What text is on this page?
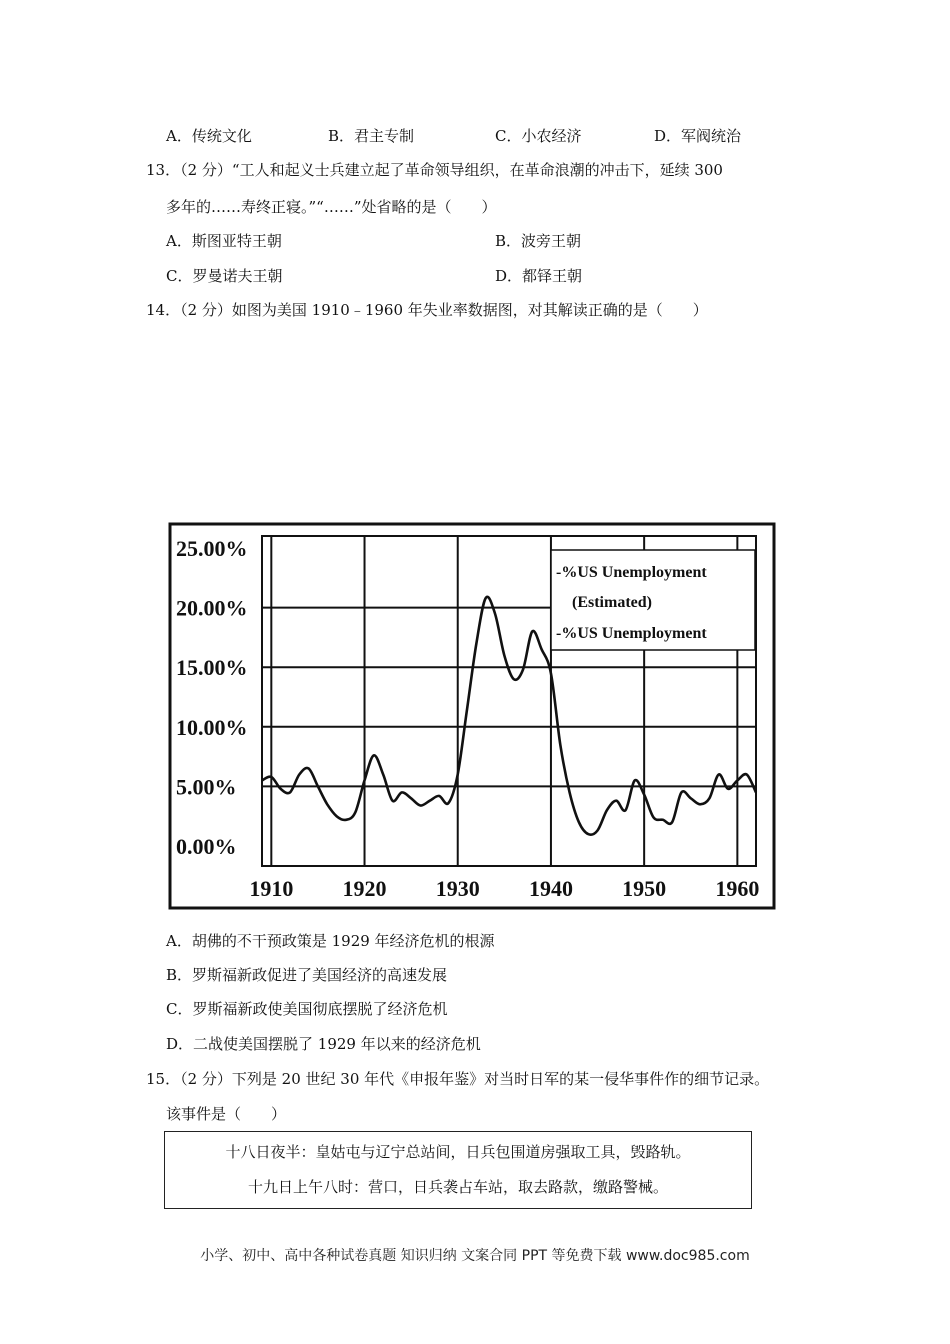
A．传统文化	B．君主专制	C．小农经济	D．军阀统治
13．（2 分）“工人和起义士兵建立起了革命领导组织，在革命浪潮的冲击下，延续 300
多年的……寿终正寝。”“……”处省略的是（　　）
A．斯图亚特王朝	B．波旁王朝
C．罗曼诺夫王朝	D．都铎王朝
14．（2 分）如图为美国 1910﹣1960 年失业率数据图，对其解读正确的是（　　）
0.00%
5.00%
10.00%
15.00%
20.00%
25.00%
1910 1920 1930 1940 1950 1960
-%US Unemployment
(Estimated)
-%US Unemployment
A．胡佛的不干预政策是 1929 年经济危机的根源
B．罗斯福新政促进了美国经济的高速发展
C．罗斯福新政使美国彻底摆脱了经济危机
D．二战使美国摆脱了 1929 年以来的经济危机
15．（2 分）下列是 20 世纪 30 年代《申报年鉴》对当时日军的某一侵华事件作的细节记录。
该事件是（　　）
十八日夜半：皇姑屯与辽宁总站间，日兵包围道房强取工具，毁路轨。
十九日上午八时：营口，日兵袭占车站，取去路款，缴路警械。
小学、初中、高中各种试卷真题 知识归纳 文案合同 PPT 等免费下载 www.doc985.com
